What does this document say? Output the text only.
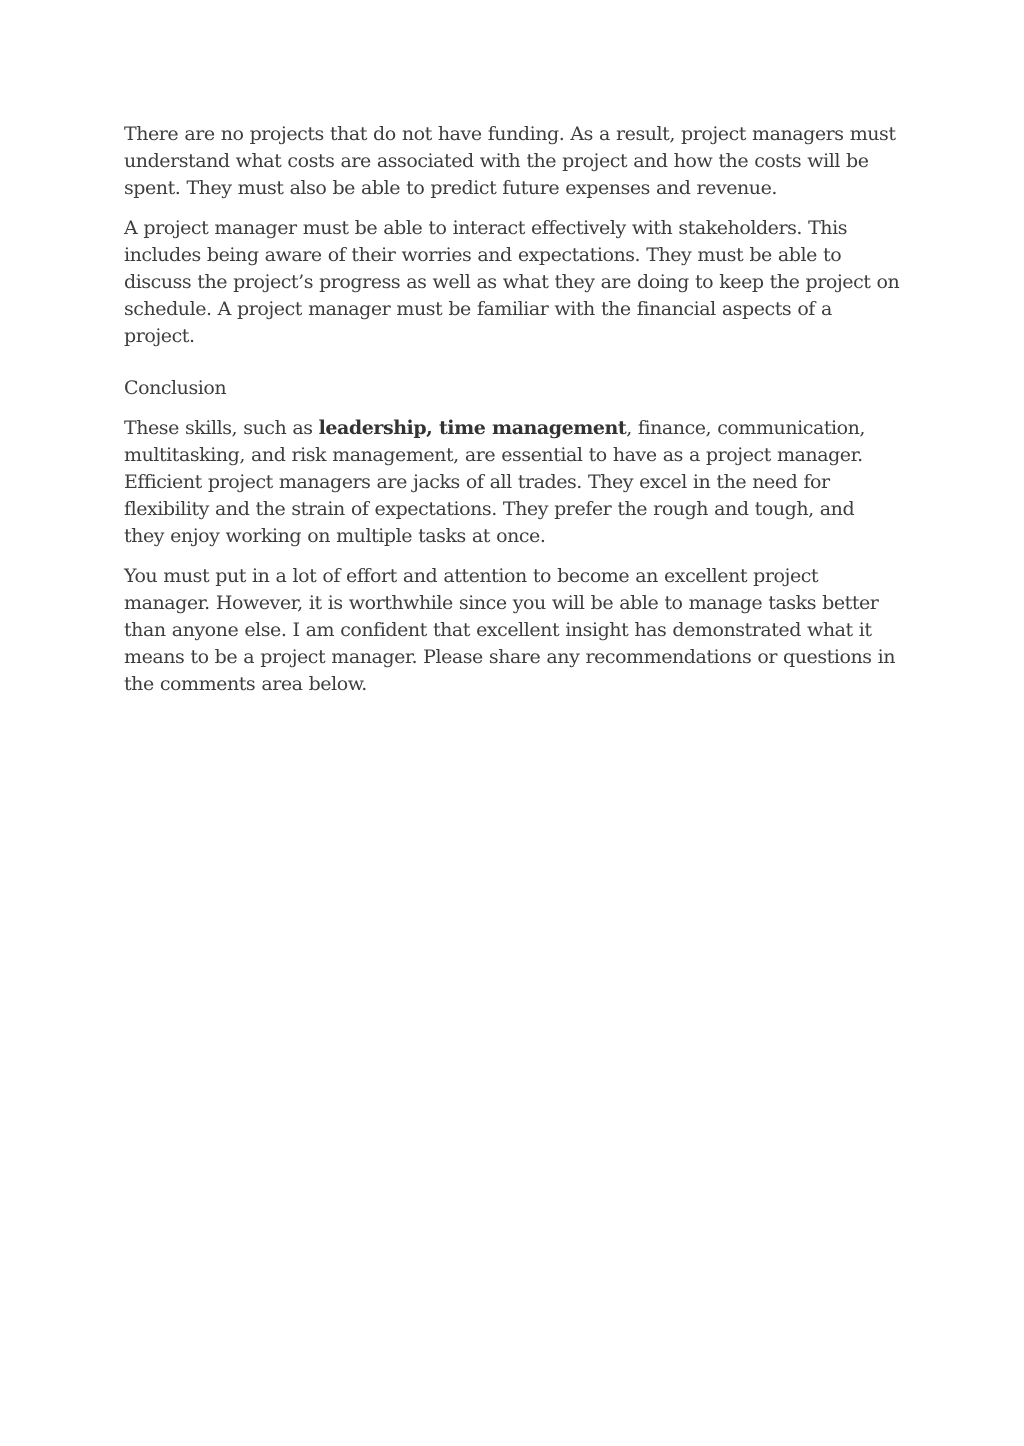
There are no projects that do not have funding. As a result, project managers must understand what costs are associated with the project and how the costs will be spent. They must also be able to predict future expenses and revenue.

A project manager must be able to interact effectively with stakeholders. This includes being aware of their worries and expectations. They must be able to discuss the project’s progress as well as what they are doing to keep the project on schedule. A project manager must be familiar with the financial aspects of a project.

Conclusion

These skills, such as leadership, time management, finance, communication, multitasking, and risk management, are essential to have as a project manager. Efficient project managers are jacks of all trades. They excel in the need for flexibility and the strain of expectations. They prefer the rough and tough, and they enjoy working on multiple tasks at once.

You must put in a lot of effort and attention to become an excellent project manager. However, it is worthwhile since you will be able to manage tasks better than anyone else. I am confident that excellent insight has demonstrated what it means to be a project manager. Please share any recommendations or questions in the comments area below.
